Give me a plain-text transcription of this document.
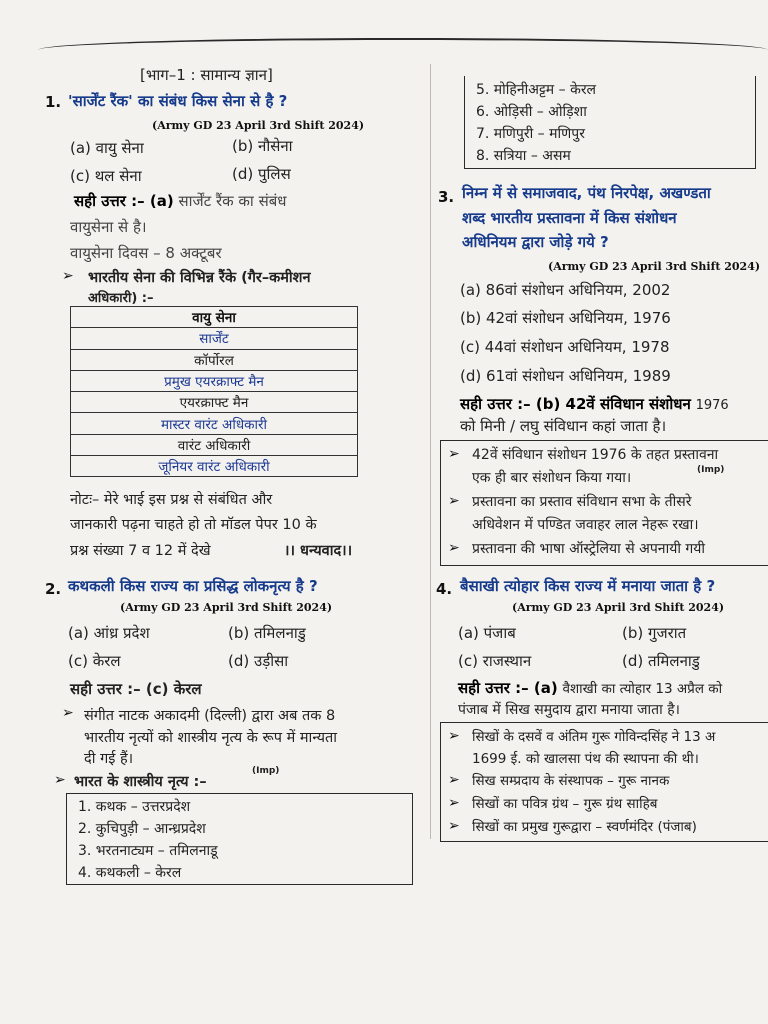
[भाग–1 : सामान्य ज्ञान]
1. 'सार्जेंट रैंक' का संबंध किस सेना से है ?
(Army GD 23 April 3rd Shift 2024)
(a) वायु सेना	(b) नौसेना
(c) थल सेना	(d) पुलिस
सही उत्तर :– (a) सार्जेंट रैंक का संबंध
वायुसेना से है।
वायुसेना दिवस – 8 अक्टूबर
➢ भारतीय सेना की विभिन्न रैंके (गैर–कमीशन
अधिकारी) :–
वायु सेना
सार्जेंट
कॉर्पोरल
प्रमुख एयरक्राफ्ट मैन
एयरक्राफ्ट मैन
मास्टर वारंट अधिकारी
वारंट अधिकारी
जूनियर वारंट अधिकारी
नोटः– मेरे भाई इस प्रश्न से संबंधित और
जानकारी पढ़ना चाहते हो तो मॉडल पेपर 10 के
प्रश्न संख्या 7 व 12 में देखे	।। धन्यवाद।।
2. कथकली किस राज्य का प्रसिद्ध लोकनृत्य है ?
(Army GD 23 April 3rd Shift 2024)
(a) आंध्र प्रदेश	(b) तमिलनाडु
(c) केरल	(d) उड़ीसा
सही उत्तर :– (c) केरल
➢ संगीत नाटक अकादमी (दिल्ली) द्वारा अब तक 8
भारतीय नृत्यों को शास्त्रीय नृत्य के रूप में मान्यता
दी गई हैं।
➢ भारत के शास्त्रीय नृत्य :–
(Imp)
1. कथक – उत्तरप्रदेश
2. कुचिपुड़ी – आन्ध्रप्रदेश
3. भरतनाट्यम – तमिलनाडू
4. कथकली – केरल
5. मोहिनीअट्टम – केरल
6. ओड़िसी – ओड़िशा
7. मणिपुरी – मणिपुर
8. सत्रिया – असम
3. निम्न में से समाजवाद, पंथ निरपेक्ष, अखण्डता
शब्द भारतीय प्रस्तावना में किस संशोधन
अधिनियम द्वारा जोड़े गये ?
(Army GD 23 April 3rd Shift 2024)
(a) 86वां संशोधन अधिनियम, 2002
(b) 42वां संशोधन अधिनियम, 1976
(c) 44वां संशोधन अधिनियम, 1978
(d) 61वां संशोधन अधिनियम, 1989
सही उत्तर :– (b) 42वें संविधान संशोधन 1976
को मिनी / लघु संविधान कहां जाता है।
➢ 42वें संविधान संशोधन 1976 के तहत प्रस्तावना
एक ही बार संशोधन किया गया।	(Imp)
➢ प्रस्तावना का प्रस्ताव संविधान सभा के तीसरे
अधिवेशन में पण्डित जवाहर लाल नेहरू रखा।
➢ प्रस्तावना की भाषा ऑस्ट्रेलिया से अपनायी गयी
4. बैसाखी त्योहार किस राज्य में मनाया जाता है ?
(Army GD 23 April 3rd Shift 2024)
(a) पंजाब	(b) गुजरात
(c) राजस्थान	(d) तमिलनाडु
सही उत्तर :– (a) वैशाखी का त्योहार 13 अप्रैल को
पंजाब में सिख समुदाय द्वारा मनाया जाता है।
➢ सिखों के दसवें व अंतिम गुरू गोविन्दसिंह ने 13 अ
1699 ई. को खालसा पंथ की स्थापना की थी।
➢ सिख सम्प्रदाय के संस्थापक – गुरू नानक
➢ सिखों का पवित्र ग्रंथ – गुरू ग्रंथ साहिब
➢ सिखों का प्रमुख गुरूद्वारा – स्वर्णमंदिर (पंजाब)
